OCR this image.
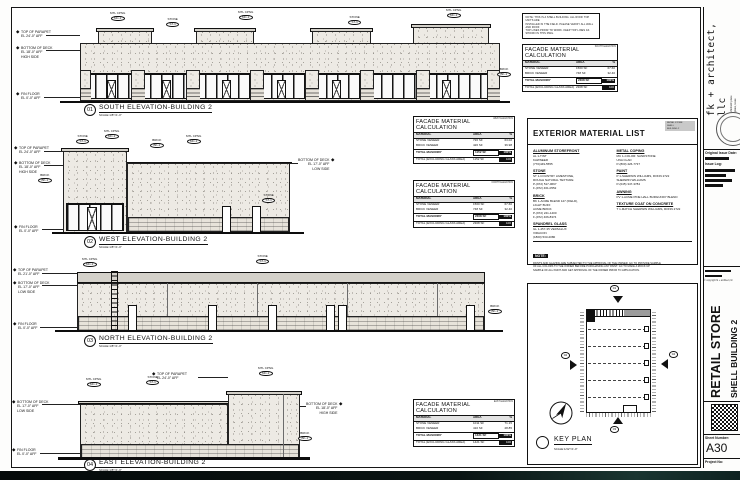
◆ TOP OF PARAPET
EL 24'-0" AFF
◆ BOTTOM OF DECK
EL 18'-0" AFF
HIGH SIDE
◆ FIN FLOOR
EL 0'-0" AFF
MTL CPNG
MC-1	STONE
ST-1
MTL CPNG
MC-1	STONE
ST-1
MTL CPNG
MC-1
BRICK
BK-1
01 SOUTH ELEVATION-BUILDING 2
SCALE:1/8"=1'-0"
NOTE: THIS IS A SHELL BUILDING. ALL ROOF TOP UNITS ARE
INSTALLED IN THE FIELD. PLEASE VERIFY ALL WALL AND ROOF
TOP LINES PRIOR TO WORK. KEEP TOP LINES AS SHOWN IN THIS DWG.
◆ TOP OF PARAPET
EL 24'-0" AFF
◆ BOTTOM OF DECK
EL 18'-0" AFF
HIGH SIDE
◆ FIN FLOOR
EL 0'-0" AFF
◆
BOTTOM OF DECK
EL 17'-0" AFF
LOW SIDE
BRICK
BK-1
STONE
ST-1
MTL CPNG
MC-1
BRICK
BK-1
MTL CPNG
MC-1
STONE
ST-1
02 WEST ELEVATION-BUILDING 2
SCALE:1/8"=1'-0"
◆ TOP OF PARAPET
EL 21'-0" AFF
◆ BOTTOM OF DECK
EL 17'-0" AFF
LOW SIDE
◆ FIN FLOOR
EL 0'-0" AFF
MTL CPNG
MC-1
STONE
ST-1
BRICK
BK-1
03 NORTH ELEVATION-BUILDING 2
SCALE:1/8"=1'-0"
◆ BOTTOM OF DECK
EL 17'-0" AFF
LOW SIDE
◆ FIN FLOOR
EL 0'-0" AFF
◆ TOP OF PARAPET
EL 24'-0" AFF
◆
BOTTOM OF DECK
EL 18'-0" AFF
HIGH SIDE
MTL CPNG
MC-1
STONE
ST-1
MTL CPNG
MC-1
BRICK
BK-1
04 EAST ELEVATION-BUILDING 2
SCALE:1/8"=1'-0"
FACADE MATERIAL
CALCULATION
SOUTH ELEVATION
MATERIAL	AREA	%
STONE VENEER	1560 SF	67.60
BRICK VENEER	748 SF	32.40
TOTAL MASONRY	2308 SF	100%
TOTAL (EXCLUDING GLASS AREA) 2308 SF	100
FACADE MATERIAL
CALCULATION
WEST ELEVATION
MATERIAL	AREA	%
STONE VENEER	726 SF	63.02
BRICK VENEER	426 SF	36.98
TOTAL MASONRY	1152 SF	100%
TOTAL (EXCLUDING GLASS AREA)	1152 SF	100
FACADE MATERIAL
CALCULATION
NORTH ELEVATION
MATERIAL	AREA	%
STONE VENEER	1560 SF	67.60
BRICK VENEER	748 SF	32.40
TOTAL MASONRY	2308 SF	100%
TOTAL (EXCLUDING GLASS AREA)	2308 SF	100
FACADE MATERIAL
CALCULATION
EAST ELEVATION
MATERIAL	AREA	%
STONE VENEER	1011 SF	71.15
BRICK VENEER	410 SF	28.85
TOTAL MASONRY	1421 SF	100%
TOTAL (EXCLUDING GLASS AREA)	1421 SF	100
EXTERIOR MATERIAL LIST
RETAIL STORE
SHELL
BUILDING 2
ALUMINUM STOREFRONT
AL 1-TINT
KAWNEER
(770)449-5555
STONE
ST 1-COUNTRY LIMESTONE,
ROUGH NATURAL TEXTURE
P-(972) 517-0697
F-(972) 461-0552
BRICK
BK 1-ACME BLEND 127 (FIELD),
LIGHT BUFF
ACME BRICK
P-(972) 241-1400
F-(972) 406-8374
SPANDREL GLASS
GL 1-457-35 VERSALUX
VIRACON
(1800) 533-2080
METAL COPING
MC 1-COLOR: SANDSTONE
UNA CLAD
P-(800) 426-7737
PAINT
P 1-SHERWIN WILLIAMS, RONN 2722
SHERWIN WILLIAMS
P-(045) 347-3784
AWNING
PV 1-ACME PINE HALL BURGUNDY BLEND
TEXTURE COAT ON CONCRETE
T 1-MATCH SHERWIN WILLIAMS, RONN 2722
NOTE:
PAINTS AND GLAZING ARE SUBJECTED TO THE APPROVAL OF THE OWNER. GC TO PROVIDE SAMPLE
OF ALL COLORS TO THE OWNER BEFORE PURCHASING ANY PAINT. GC TO MAKE A MOCK UP
SAMPLE OF ALL PAINT AND GET APPROVAL OF THE OWNER PRIOR TO APPLICATION.
01
03
02	04
KEY PLAN
SCALE:1/32"=1'-0"
fk + architect, llc chisholm place plano, texas
Original Issue Date:
Issue Log:
© copyright fk + architect, llc
RETAIL STORE SHELL BUILDING 2
Sheet Number:
A30
Project No:
